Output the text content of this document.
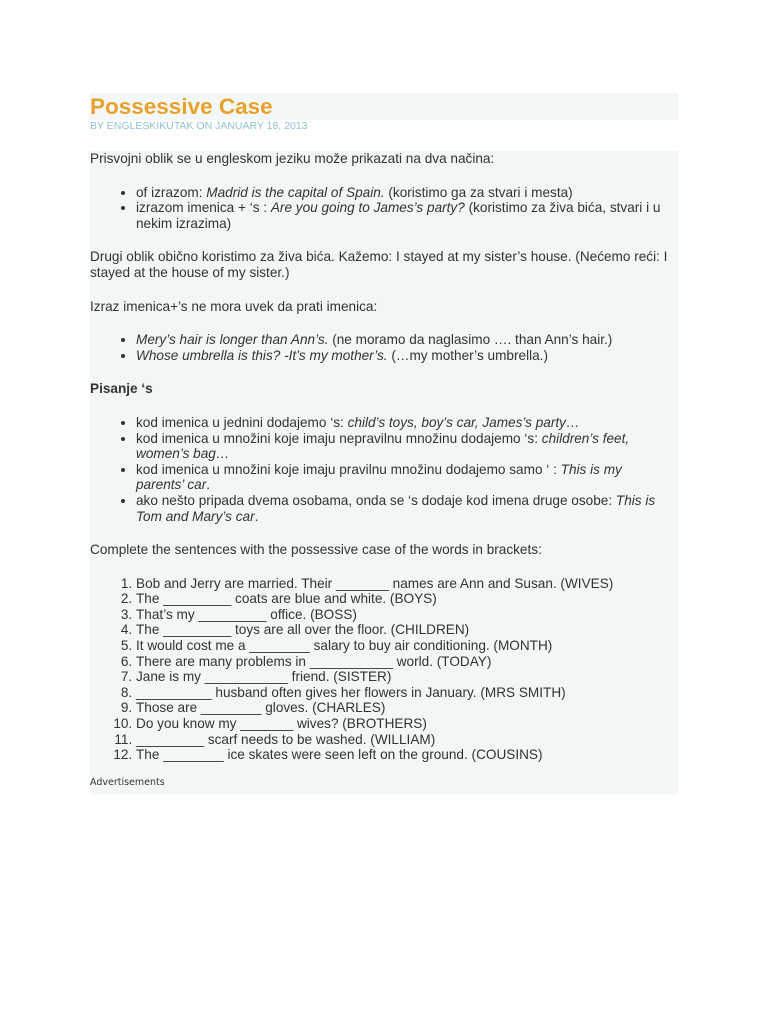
Possessive Case

BY ENGLESKIKUTAK ON JANUARY 18, 2013

Prisvojni oblik se u engleskom jeziku može prikazati na dva načina:

• of izrazom: Madrid is the capital of Spain. (koristimo ga za stvari i mesta)
• izrazom imenica + ‘s : Are you going to James’s party? (koristimo za živa bića, stvari i u nekim izrazima)

Drugi oblik obično koristimo za živa bića. Kažemo: I stayed at my sister’s house. (Nećemo reći: I stayed at the house of my sister.)

Izraz imenica+’s ne mora uvek da prati imenica:

• Mery’s hair is longer than Ann’s. (ne moramo da naglasimo …. than Ann’s hair.)
• Whose umbrella is this? -It’s my mother’s. (…my mother’s umbrella.)

Pisanje ‘s

• kod imenica u jednini dodajemo ‘s: child’s toys, boy’s car, James’s party…
• kod imenica u množini koje imaju nepravilnu množinu dodajemo ‘s: children’s feet, women’s bag…
• kod imenica u množini koje imaju pravilnu množinu dodajemo samo ‘ : This is my parents’ car.
• ako nešto pripada dvema osobama, onda se ‘s dodaje kod imena druge osobe: This is Tom and Mary’s car.

Complete the sentences with the possessive case of the words in brackets:

1. Bob and Jerry are married. Their _______ names are Ann and Susan. (WIVES)
2. The _________ coats are blue and white. (BOYS)
3. That’s my _________ office. (BOSS)
4. The _________ toys are all over the floor. (CHILDREN)
5. It would cost me a ________ salary to buy air conditioning. (MONTH)
6. There are many problems in ___________ world. (TODAY)
7. Jane is my ___________ friend. (SISTER)
8. __________ husband often gives her flowers in January. (MRS SMITH)
9. Those are ________ gloves. (CHARLES)
10. Do you know my _______ wives? (BROTHERS)
11. _________ scarf needs to be washed. (WILLIAM)
12. The ________ ice skates were seen left on the ground. (COUSINS)

Advertisements
